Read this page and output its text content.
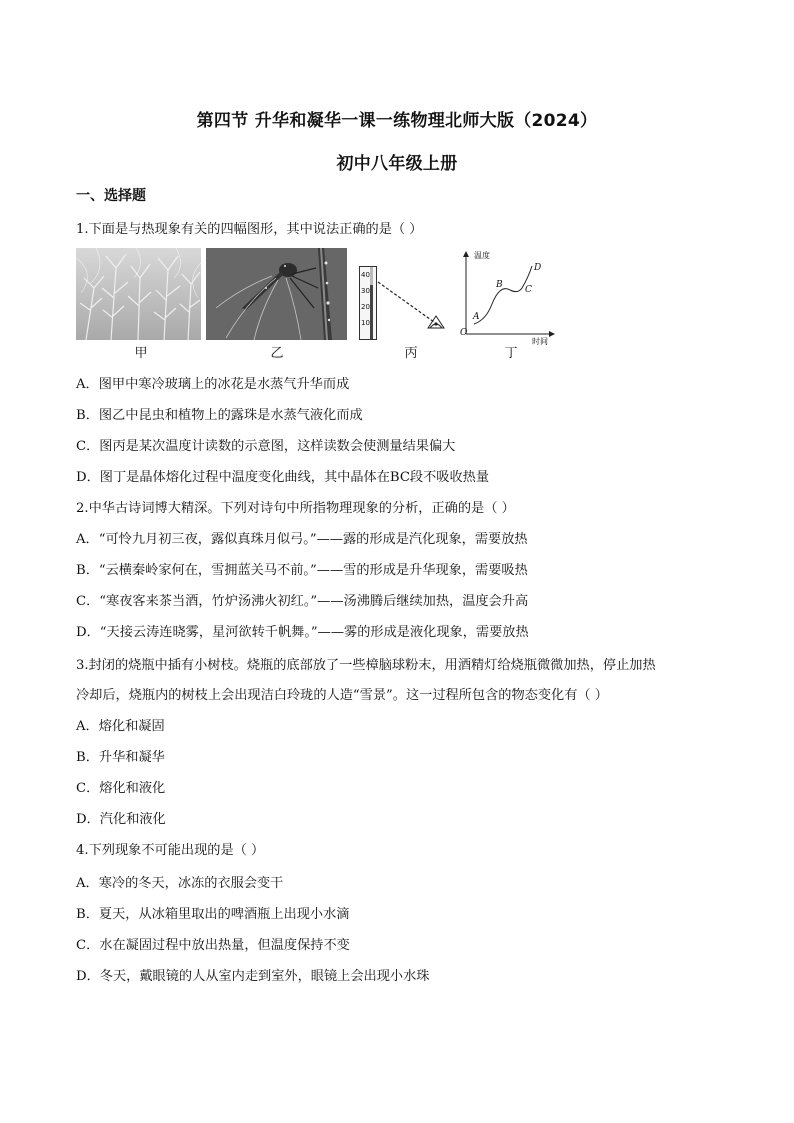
第四节 升华和凝华一课一练物理北师大版（2024）
初中八年级上册
一、选择题
1.下面是与热现象有关的四幅图形，其中说法正确的是（ ）
甲	乙
40
30
20
10
丙
温度
时间
O
A
B C
D
丁
A．图甲中寒冷玻璃上的冰花是水蒸气升华而成
B．图乙中昆虫和植物上的露珠是水蒸气液化而成
C．图丙是某次温度计读数的示意图，这样读数会使测量结果偏大
D．图丁是晶体熔化过程中温度变化曲线，其中晶体在BC段不吸收热量
2.中华古诗词博大精深。下列对诗句中所指物理现象的分析，正确的是（ ）
A．“可怜九月初三夜，露似真珠月似弓。”——露的形成是汽化现象，需要放热
B．“云横秦岭家何在，雪拥蓝关马不前。”——雪的形成是升华现象，需要吸热
C．“寒夜客来茶当酒，竹炉汤沸火初红。”——汤沸腾后继续加热，温度会升高
D．“天接云涛连晓雾，星河欲转千帆舞。”——雾的形成是液化现象，需要放热
3.封闭的烧瓶中插有小树枝。烧瓶的底部放了一些樟脑球粉末，用酒精灯给烧瓶微微加热，停止加热
冷却后，烧瓶内的树枝上会出现洁白玲珑的人造“雪景”。这一过程所包含的物态变化有（ ）
A．熔化和凝固
B．升华和凝华
C．熔化和液化
D．汽化和液化
4.下列现象不可能出现的是（ ）
A．寒冷的冬天，冰冻的衣服会变干
B．夏天，从冰箱里取出的啤酒瓶上出现小水滴
C．水在凝固过程中放出热量，但温度保持不变
D．冬天，戴眼镜的人从室内走到室外，眼镜上会出现小水珠
